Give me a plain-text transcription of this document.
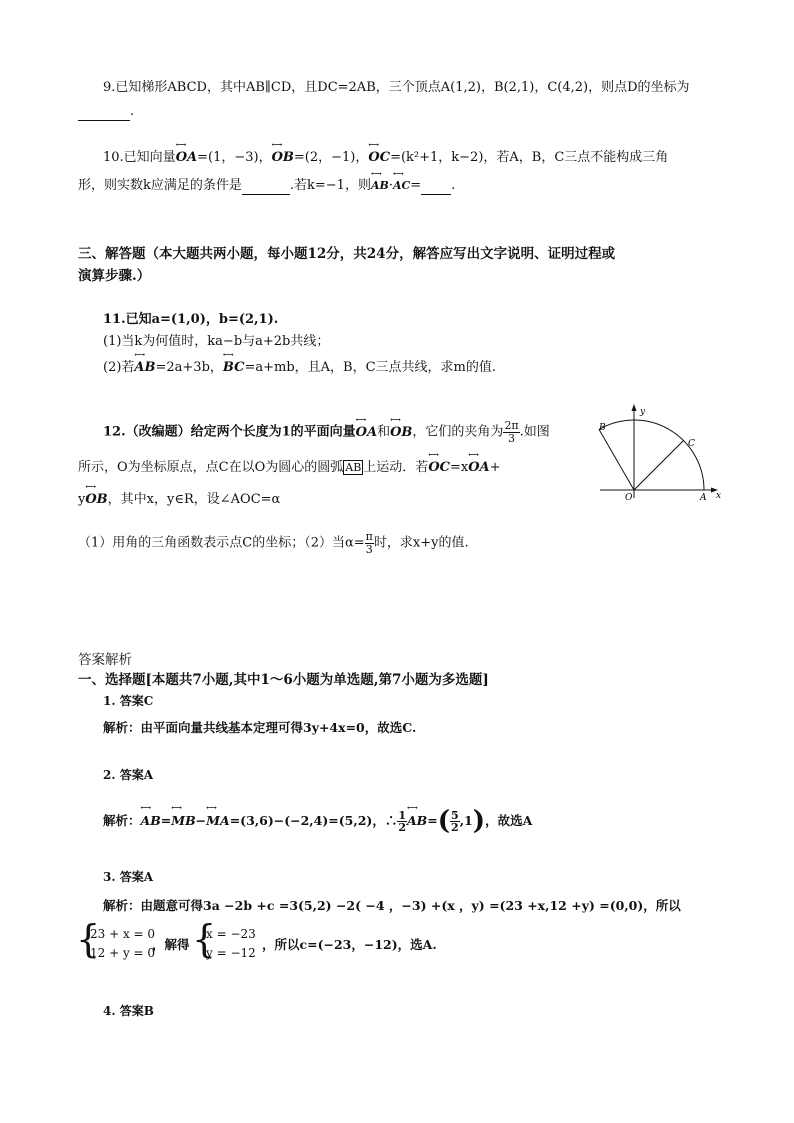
9.已知梯形ABCD，其中AB∥CD，且DC=2AB，三个顶点A(1,2)，B(2,1)，C(4,2)，则点D的坐标为
.
10.已知向量←→ OA=(1，−3)，←→ OB=(2，−1)，←→ OC=(k²+1，k−2)，若A，B，C三点不能构成三角
形，则实数k应满足的条件是	.若k=−1，则←→ AB·←→ AC= .
三、解答题（本大题共两小题，每小题12分，共24分，解答应写出文字说明、证明过程或
演算步骤.）
11.已知a=(1,0)，b=(2,1).
(1)当k为何值时，ka−b与a+2b共线；
(2)若←→ AB=2a+3b，←→ BC=a+mb，且A，B，C三点共线，求m的值.
12.（改编题）给定两个长度为1的平面向量←→ OA和←→ OB，它们的夹角为 $\frac{2\pi}{3}$ .如图
所示，O为坐标原点，点C在以O为圆心的圆弧 AB 上运动．若←→ OC=x←→ OA+
y←→ OB，其中x，y∈R，设∠AOC=α
（1）用角的三角函数表示点C的坐标；（2）当$\alpha= \frac{\pi}{3}$ 时，求x+y的值.
y
x
O	A
B
C
答案解析
一、选择题[本题共7小题,其中1～6小题为单选题,第7小题为多选题]
1. 答案C
解析：由平面向量共线基本定理可得3y+4x=0，故选C.
2. 答案A
解析：←→ AB=←→ MB−←→ MA=(3,6)−(−2,4)=(5,2)，∴ $\frac{1}{2}$
←→ $AB=( \frac{5}{2} ,1)$，故选A
3. 答案A
解析：由题意可得3a −2b +c =3(5,2) −2( −4 ，−3) +(x ，y) =(23 +x,12 +y) =(0,0)，所以
{
23 + x = 0
12 + y = 0
，解得 {
x = −23
y = −12
，所以c=(−23，−12)，选A.
4. 答案B
